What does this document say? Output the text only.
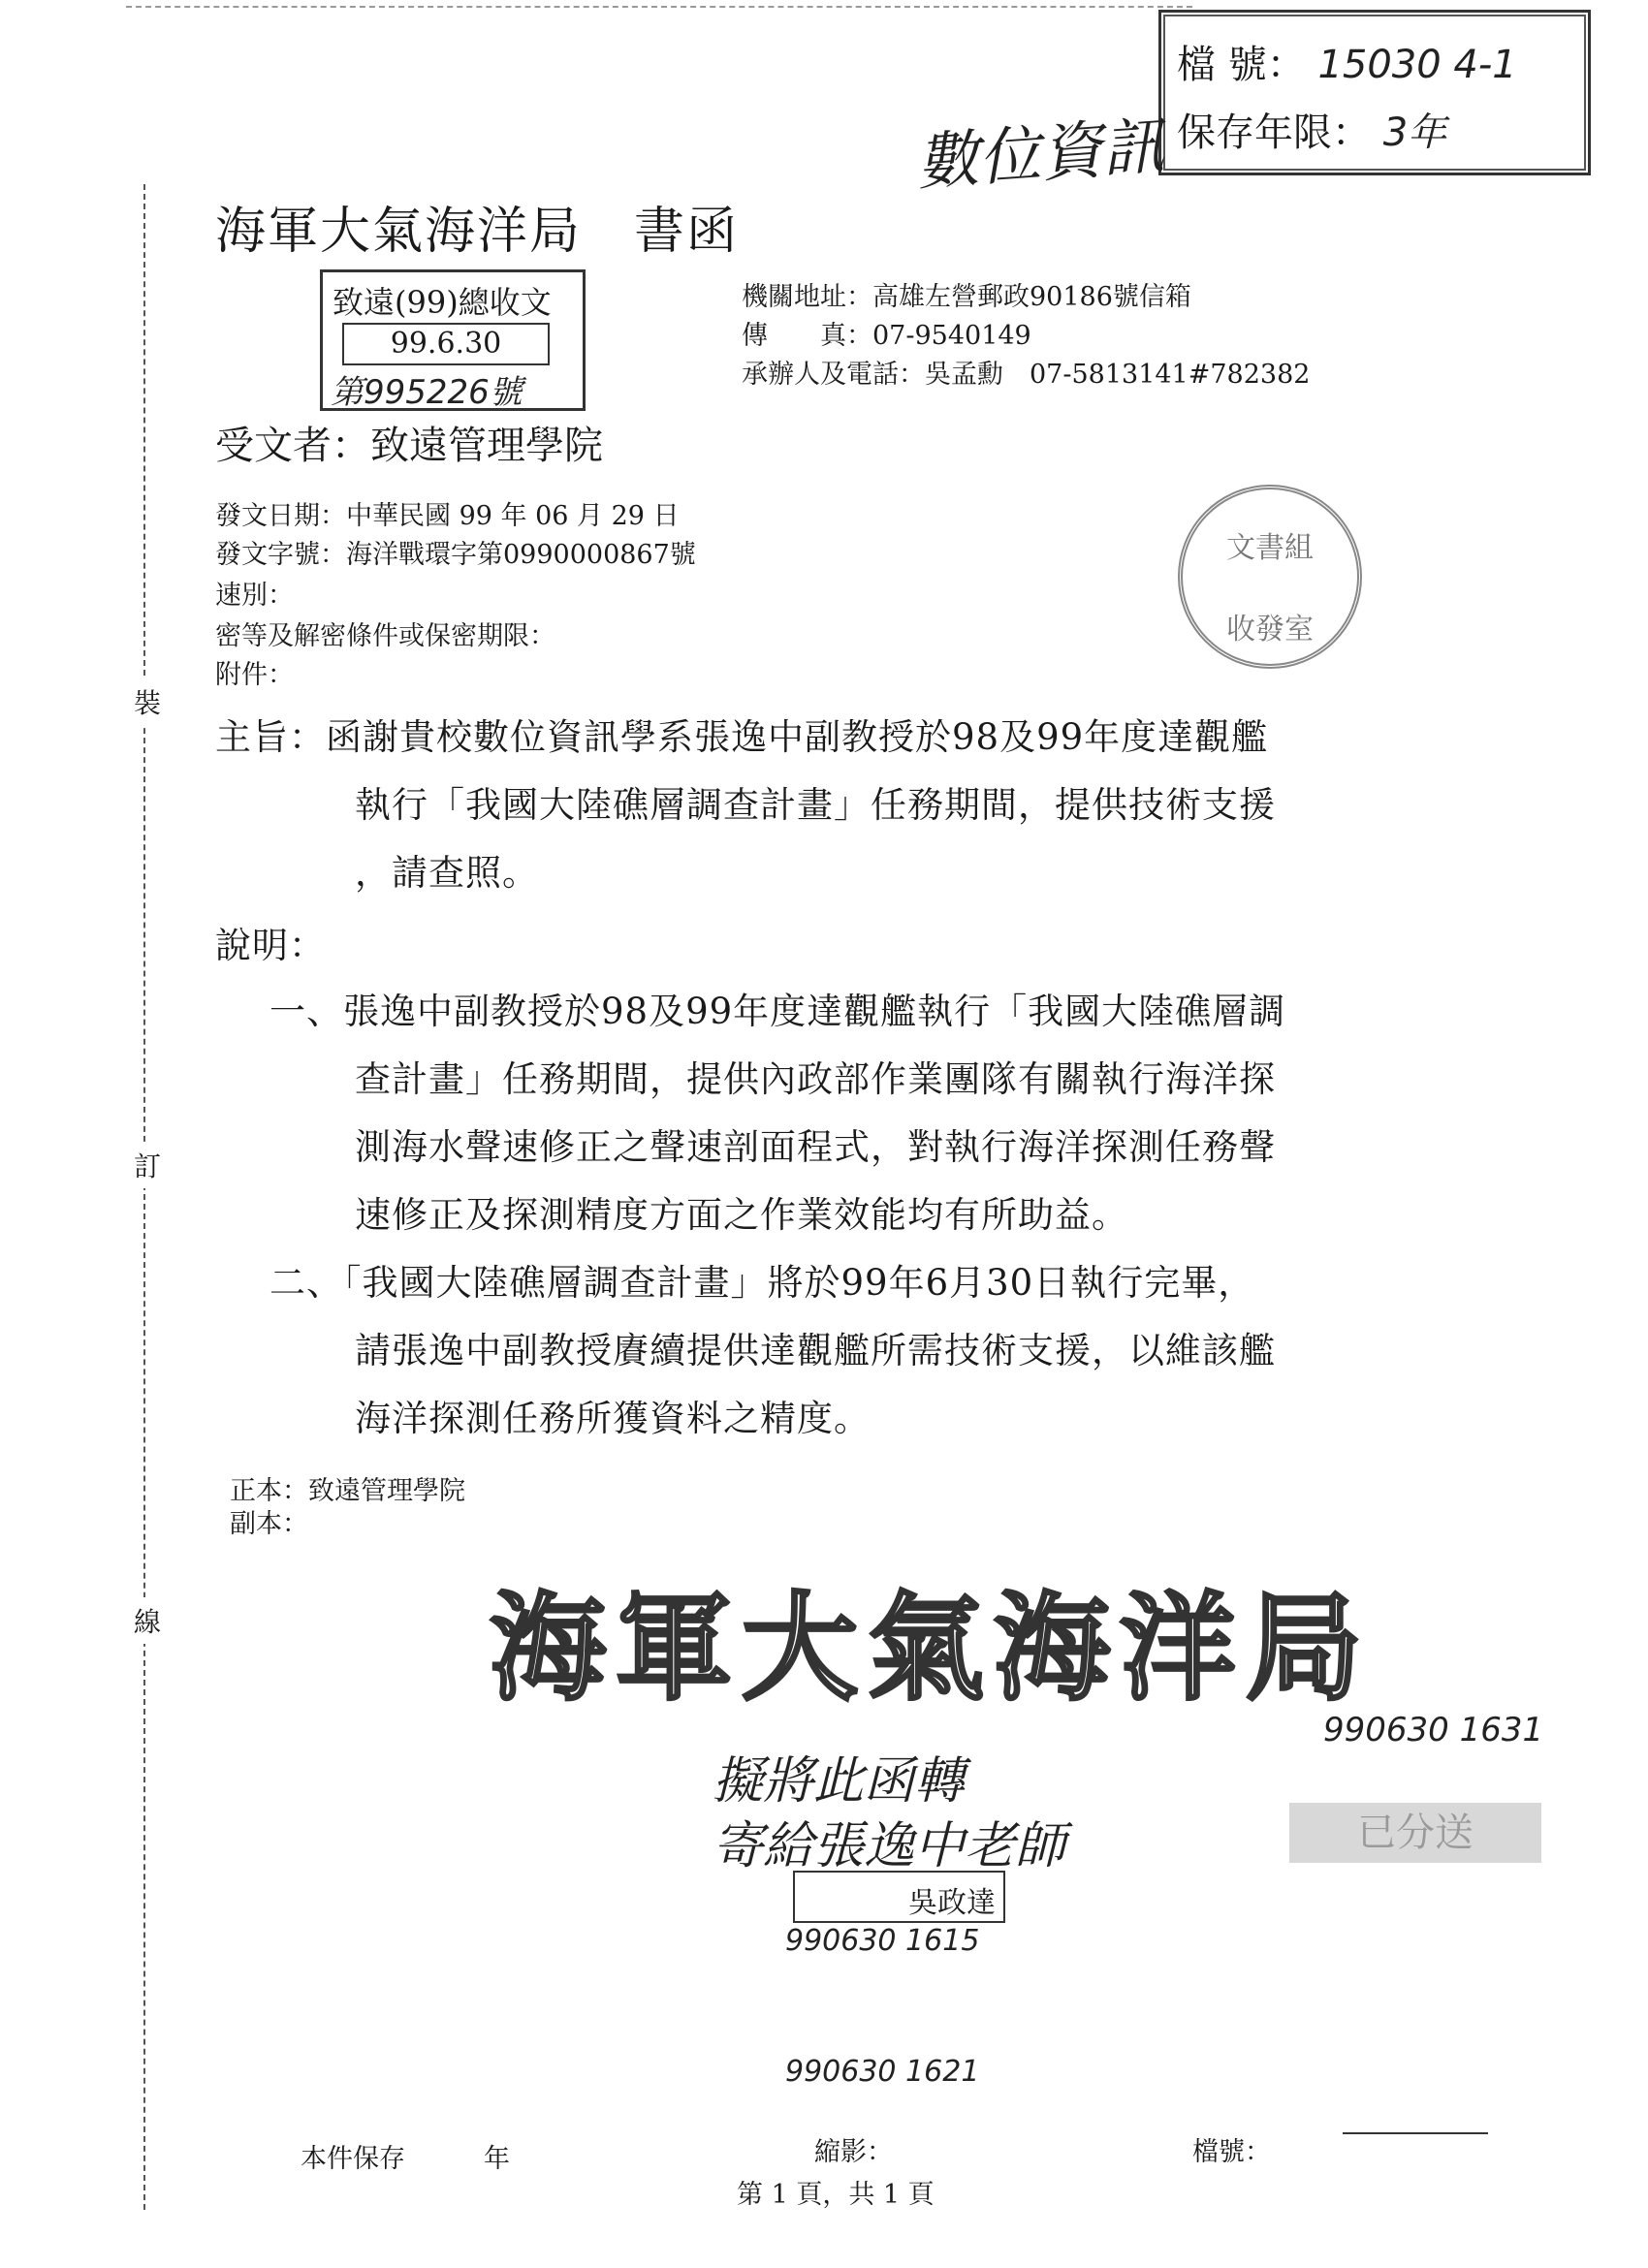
檔 號： 15030 4-1
保存年限： 3年
數位資訊
裝
訂
線
海軍大氣海洋局　書函
致遠(99)總收文
99.6.30
第995226號
機關地址：高雄左營郵政90186號信箱
傳　　真：07-9540149
承辦人及電話：吳孟勳　07-5813141#782382
受文者：致遠管理學院
發文日期：中華民國 99 年 06 月 29 日
發文字號：海洋戰環字第0990000867號
速別：
密等及解密條件或保密期限：
附件：
文書組
收發室
主旨：函謝貴校數位資訊學系張逸中副教授於98及99年度達觀艦
執行「我國大陸礁層調查計畫」任務期間，提供技術支援
，請查照。
說明：
一、張逸中副教授於98及99年度達觀艦執行「我國大陸礁層調
查計畫」任務期間，提供內政部作業團隊有關執行海洋探
測海水聲速修正之聲速剖面程式，對執行海洋探測任務聲
速修正及探測精度方面之作業效能均有所助益。
二、「我國大陸礁層調查計畫」將於99年6月30日執行完畢，
請張逸中副教授賡續提供達觀艦所需技術支援，以維該艦
海洋探測任務所獲資料之精度。
正本：致遠管理學院
副本：
海軍大氣海洋局
990630 1631
擬將此函轉
寄給張逸中老師	已分送
吳政達
990630 1615
990630 1621
本件保存　　　年	縮影：
第 1 頁，共 1 頁
檔號：
